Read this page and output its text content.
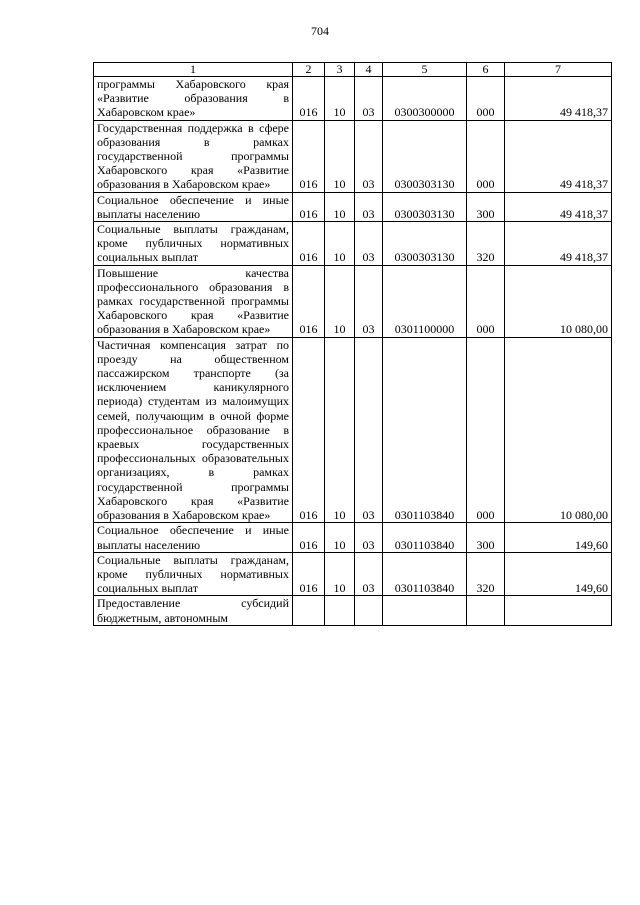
704
1	2	3	4	5	6	7
программы Хабаровского края «Развитие образования в Хабаровском крае»	016	10	03	0300300000	000	49 418,37
Государственная поддержка в сфере образования в рамках государственной программы Хабаровского края «Развитие образования в Хабаровском крае»	016	10	03	0300303130	000	49 418,37
Социальное обеспечение и иные выплаты населению	016	10	03	0300303130	300	49 418,37
Социальные выплаты гражданам, кроме публичных нормативных социальных выплат	016	10	03	0300303130	320	49 418,37
Повышение качества профессионального образования в рамках государственной программы Хабаровского края «Развитие образования в Хабаровском крае»	016	10	03	0301100000	000	10 080,00
Частичная компенсация затрат по проезду на общественном пассажирском транспорте (за исключением каникулярного периода) студентам из малоимущих семей, получающим в очной форме профессиональное образование в краевых государственных профессиональных образовательных организациях, в рамках государственной программы Хабаровского края «Развитие образования в Хабаровском крае»	016	10	03	0301103840	000	10 080,00
Социальное обеспечение и иные выплаты населению	016	10	03	0301103840	300	149,60
Социальные выплаты гражданам, кроме публичных нормативных социальных выплат	016	10	03	0301103840	320	149,60
Предоставление субсидий бюджетным, автономным						
